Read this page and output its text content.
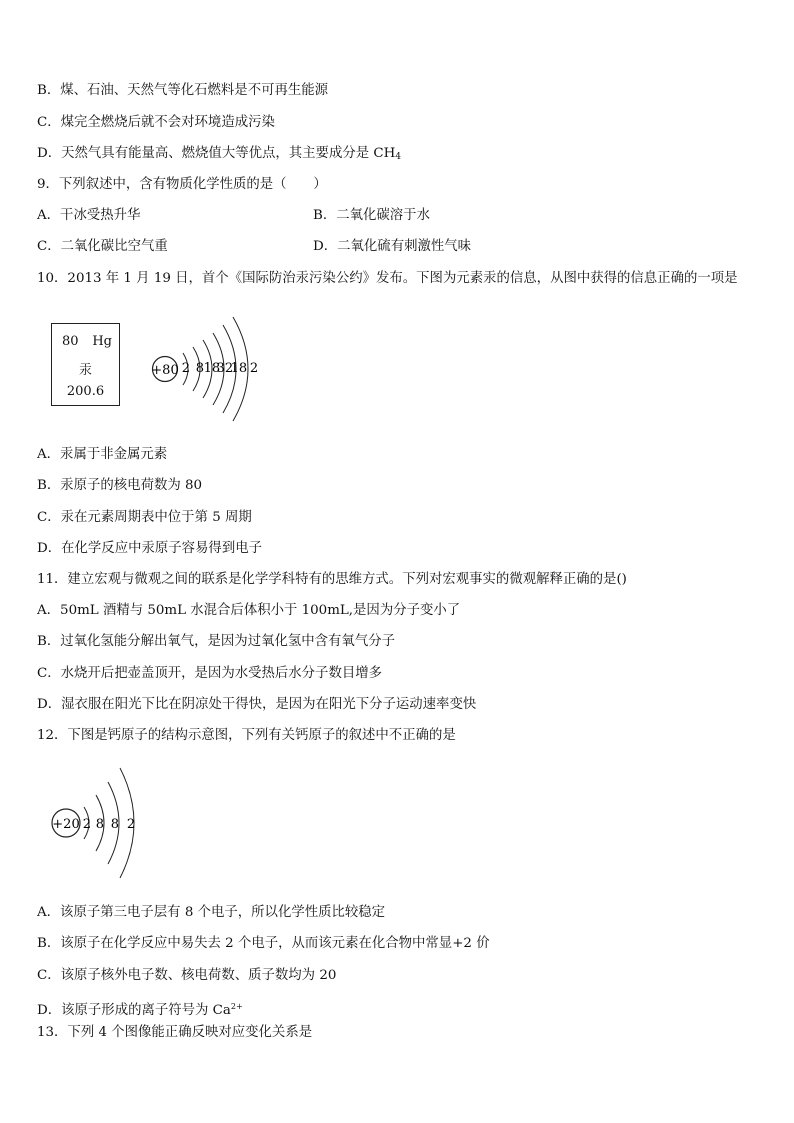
B．煤、石油、天然气等化石燃料是不可再生能源
C．煤完全燃烧后就不会对环境造成污染
D．天然气具有能量高、燃烧值大等优点，其主要成分是 $CH_4$
9．下列叙述中，含有物质化学性质的是（　　）
A．干冰受热升华	B．二氧化碳溶于水
C．二氧化碳比空气重	D．二氧化硫有刺激性气味
10．2013 年 1 月 19 日，首个《国际防治汞污染公约》发布。下图为元素汞的信息，从图中获得的信息正确的一项是
80 Hg
汞
200.6
+80 2 8 18 32 18 2
A．汞属于非金属元素
B．汞原子的核电荷数为 80
C．汞在元素周期表中位于第 5 周期
D．在化学反应中汞原子容易得到电子
11．建立宏观与微观之间的联系是化学学科特有的思维方式。下列对宏观事实的微观解释正确的是()
A．50mL 酒精与 50mL 水混合后体积小于 100mL,是因为分子变小了
B．过氧化氢能分解出氧气，是因为过氧化氢中含有氧气分子
C．水烧开后把壶盖顶开，是因为水受热后水分子数目增多
D．湿衣服在阳光下比在阴凉处干得快，是因为在阳光下分子运动速率变快
12．下图是钙原子的结构示意图，下列有关钙原子的叙述中不正确的是
+20 2 8 8 2
A．该原子第三电子层有 8 个电子，所以化学性质比较稳定
B．该原子在化学反应中易失去 2 个电子，从而该元素在化合物中常显+2 价
C．该原子核外电子数、核电荷数、质子数均为 20
D．该原子形成的离子符号为 $Ca^{2+}$
13．下列 4 个图像能正确反映对应变化关系是
